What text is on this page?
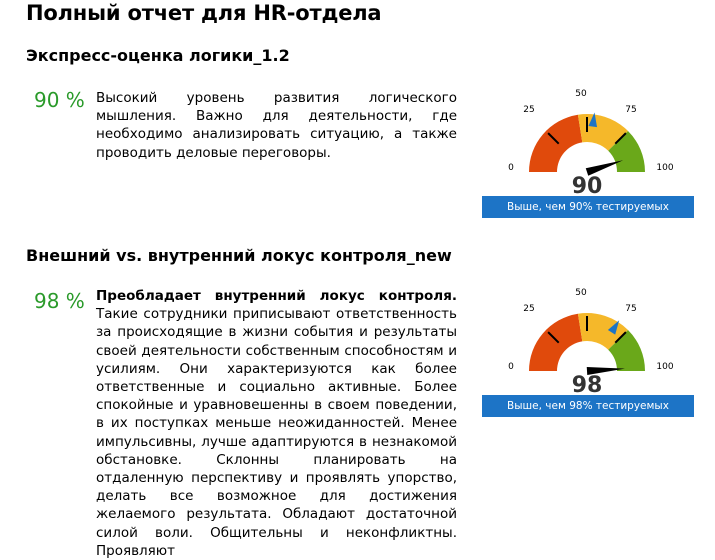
Полный отчет для HR-отдела
Экспресс-оценка логики_1.2
90 % Высокий уровень развития логического мышления. Важно для деятельности, где необходимо анализировать ситуацию, а также проводить деловые переговоры.
0
25
50
75
100
90
Выше, чем 90% тестируемых
Внешний vs. внутренний локус контроля_new
98 % Преобладает внутренний локус контроля. Такие сотрудники приписывают ответственность за происходящие в жизни события и результаты своей деятельности собственным способностям и усилиям. Они характеризуются как более ответственные и социально активные. Более спокойные и уравновешенны в своем поведении, в их поступках меньше неожиданностей. Менее импульсивны, лучше адаптируются в незнакомой обстановке. Склонны планировать на отдаленную перспективу и проявлять упорство, делать все возможное для достижения желаемого результата. Обладают достаточной силой воли. Общительны и неконфликтны. Проявляют
0
25
50
75
100
98
Выше, чем 98% тестируемых
